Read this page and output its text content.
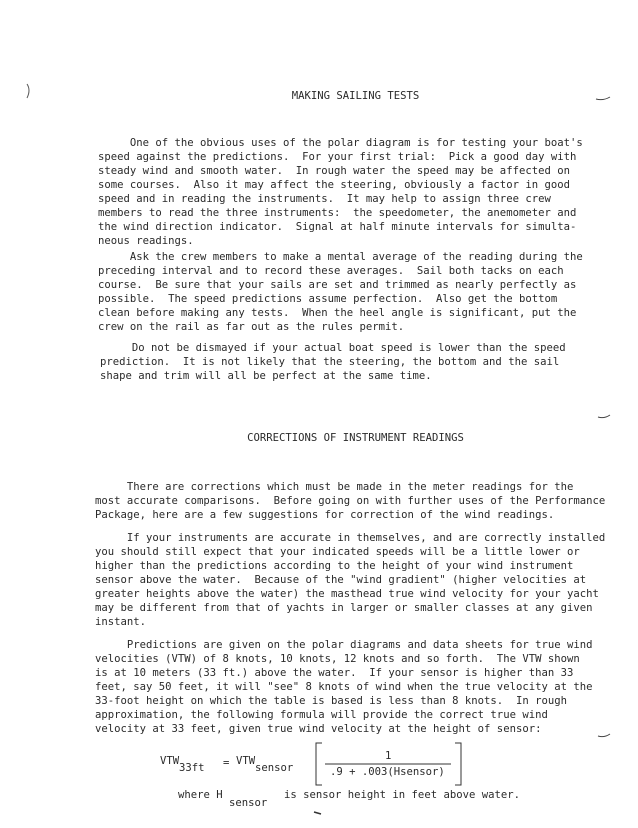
MAKING SAILING TESTS
CORRECTIONS OF INSTRUMENT READINGS
One of the obvious uses of the polar diagram is for testing your boat's
speed against the predictions.  For your first trial:  Pick a good day with
steady wind and smooth water.  In rough water the speed may be affected on
some courses.  Also it may affect the steering, obviously a factor in good
speed and in reading the instruments.  It may help to assign three crew
members to read the three instruments:  the speedometer, the anemometer and
the wind direction indicator.  Signal at half minute intervals for simulta-
neous readings.
Ask the crew members to make a mental average of the reading during the
preceding interval and to record these averages.  Sail both tacks on each
course.  Be sure that your sails are set and trimmed as nearly perfectly as
possible.  The speed predictions assume perfection.  Also get the bottom
clean before making any tests.  When the heel angle is significant, put the
crew on the rail as far out as the rules permit.
Do not be dismayed if your actual boat speed is lower than the speed
prediction.  It is not likely that the steering, the bottom and the sail
shape and trim will all be perfect at the same time.
There are corrections which must be made in the meter readings for the
most accurate comparisons.  Before going on with further uses of the Performance
Package, here are a few suggestions for correction of the wind readings.
If your instruments are accurate in themselves, and are correctly installed
you should still expect that your indicated speeds will be a little lower or
higher than the predictions according to the height of your wind instrument
sensor above the water.  Because of the "wind gradient" (higher velocities at
greater heights above the water) the masthead true wind velocity for your yacht
may be different from that of yachts in larger or smaller classes at any given
instant.
Predictions are given on the polar diagrams and data sheets for true wind
velocities (VTW) of 8 knots, 10 knots, 12 knots and so forth.  The VTW shown
is at 10 meters (33 ft.) above the water.  If your sensor is higher than 33
feet, say 50 feet, it will "see" 8 knots of wind when the true velocity at the
33-foot height on which the table is based is less than 8 knots.  In rough
approximation, the following formula will provide the correct true wind
velocity at 33 feet, given true wind velocity at the height of sensor:
VTW
33ft = VTW
sensor
1
.9 + .003(Hsensor)
where H
sensor
is sensor height in feet above water.
